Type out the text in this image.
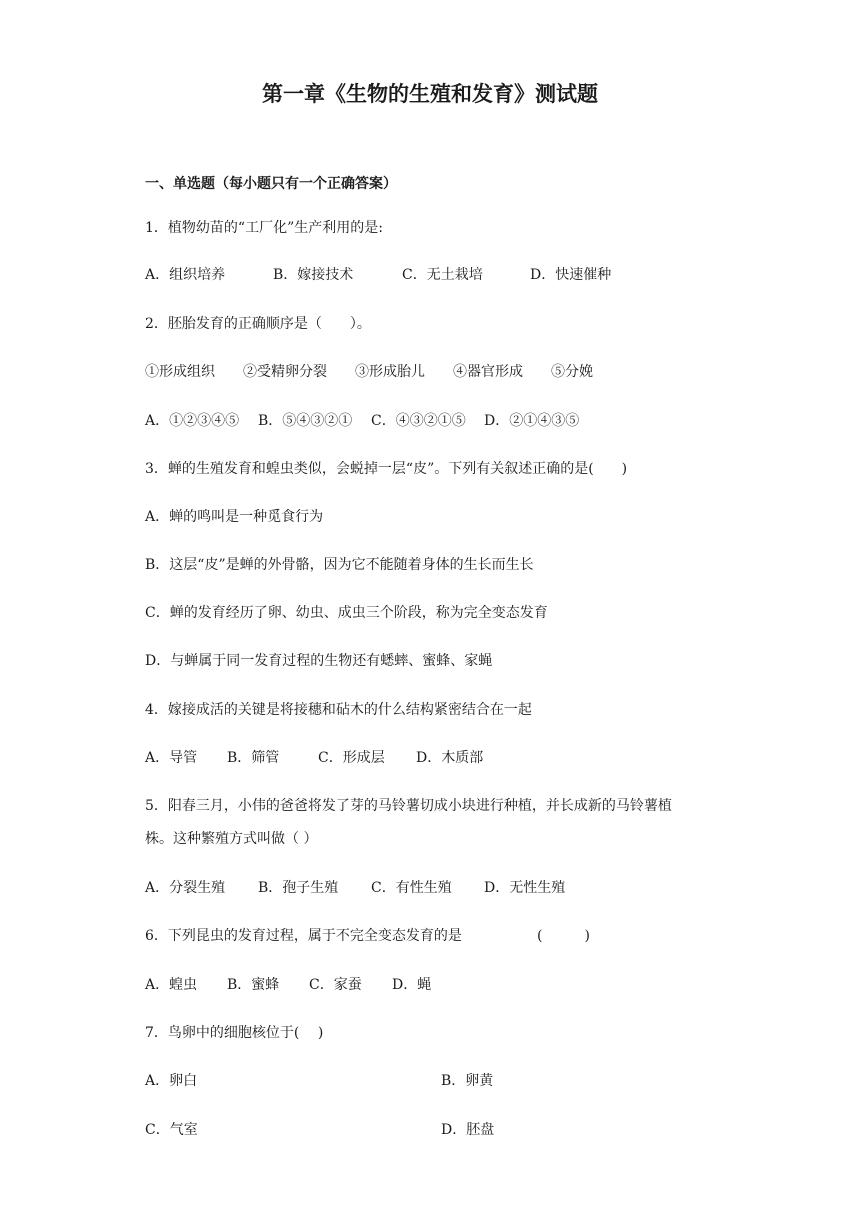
第一章《生物的生殖和发育》测试题
一、单选题（每小题只有一个正确答案）
1．植物幼苗的“工厂化”生产利用的是:
A．组织培养	B．嫁接技术	C．无土栽培	D．快速催种
2．胚胎发育的正确顺序是（　　）。
①形成组织　　②受精卵分裂　　③形成胎儿　　④器官形成　　⑤分娩
A．①②③④⑤ B．⑤④③②① C．④③②①⑤ D．②①④③⑤
3．蝉的生殖发育和蝗虫类似，会蜕掉一层“皮”。下列有关叙述正确的是(　　)
A．蝉的鸣叫是一种觅食行为
B．这层“皮”是蝉的外骨骼，因为它不能随着身体的生长而生长
C．蝉的发育经历了卵、幼虫、成虫三个阶段，称为完全变态发育
D．与蝉属于同一发育过程的生物还有蟋蟀、蜜蜂、家蝇
4．嫁接成活的关键是将接穗和砧木的什么结构紧密结合在一起
A．导管 B．筛管	C．形成层 D．木质部
5．阳春三月，小伟的爸爸将发了芽的马铃薯切成小块进行种植，并长成新的马铃薯植
株。这种繁殖方式叫做（ ）
A．分裂生殖 B．孢子生殖 C．有性生殖 D．无性生殖
6．下列昆虫的发育过程，属于不完全变态发育的是	(　　　)
A．蝗虫 B．蜜蜂 C．家蚕 D．蝇
7．鸟卵中的细胞核位于(　 )
A．卵白	B．卵黄
C．气室	D．胚盘
